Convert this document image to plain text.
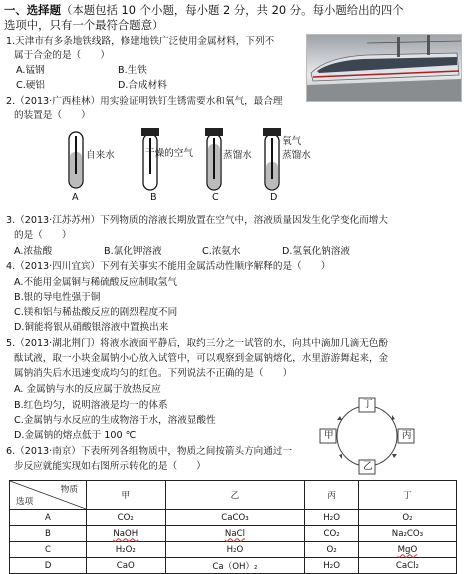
一、选择题（本题包括 10 个小题，每小题 2 分，共 20 分。每小题给出的四个
选项中，只有一个最符合题意）
1.天津市有多条地铁线路，修建地铁广泛使用金属材料，下列不
属于合金的是（　　）
A.锰钢	B.生铁
C.硬铝	D.合成材料
2.（2013·广西桂林）用实验证明铁钉生锈需要水和氧气，最合理
的装置是（　　）
自来水	干燥的空气	蒸馏水
氧气
蒸馏水
A	B	C	D
3.（2013·江苏苏州）下列物质的溶液长期放置在空气中，溶液质量因发生化学变化而增大
的是（　　）
A.浓盐酸	B.氯化钾溶液	C.浓氨水	D.氢氧化钠溶液
4.（2013·四川宜宾）下列有关事实不能用金属活动性顺序解释的是（　　）
A.不能用金属铜与稀硫酸反应制取氢气
B.银的导电性强于铜
C.镁和铝与稀盐酸反应的剧烈程度不同
D.铜能将银从硝酸银溶液中置换出来
5.（2013·湖北荆门）将液水液面平静后，取约三分之一试管的水，向其中滴加几滴无色酚
酞试液，取一小块金属钠小心放入试管中，可以观察到金属钠熔化，水里游游舞起来，金
属钠消失后水迅速变成均匀的红色。下列说法不正确的是（　　）
A. 金属钠与水的反应属于放热反应
B.红色均匀，说明溶液是均一的体系
C.金属钠与水反应的生成物溶于水，溶液显酸性
D.金属钠的熔点低于 100 ℃
丁
甲	丙
乙
6.（2013·南京）下表所列各组物质中，物质之间按箭头方向通过一
步反应就能实现如右图所示转化的是（　　）
物质
选项	甲	乙	丙	丁
A	CO₂	CaCO₃	H₂O	O₂
B	NaOH	NaCl	CO₂	Na₂CO₃
C	H₂O₂	H₂O	O₂	MgO
D	CaO	Ca（OH）₂	H₂O	CaCl₂
